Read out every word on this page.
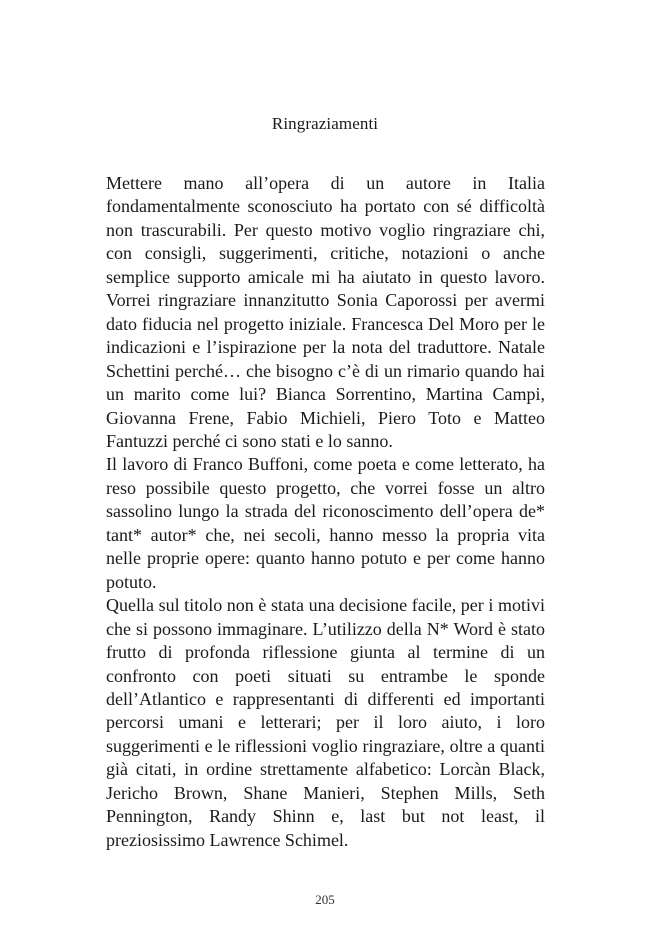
Ringraziamenti

Mettere mano all’opera di un autore in Italia fondamentalmente sconosciuto ha portato con sé difficoltà non trascurabili. Per questo motivo voglio ringraziare chi, con consigli, suggerimenti, critiche, notazioni o anche semplice supporto amicale mi ha aiutato in questo lavoro. Vorrei ringraziare innanzitutto Sonia Caporossi per avermi dato fiducia nel progetto iniziale. Francesca Del Moro per le indicazioni e l’ispirazione per la nota del traduttore. Natale Schettini perché… che bisogno c’è di un rimario quando hai un marito come lui? Bianca Sorrentino, Martina Campi, Giovanna Frene, Fabio Michieli, Piero Toto e Matteo Fantuzzi perché ci sono stati e lo sanno.

Il lavoro di Franco Buffoni, come poeta e come letterato, ha reso possibile questo progetto, che vorrei fosse un altro sassolino lungo la strada del riconoscimento dell’opera de* tant* autor* che, nei secoli, hanno messo la propria vita nelle proprie opere: quanto hanno potuto e per come hanno potuto.

Quella sul titolo non è stata una decisione facile, per i motivi che si possono immaginare. L’utilizzo della N* Word è stato frutto di profonda riflessione giunta al termine di un confronto con poeti situati su entrambe le sponde dell’Atlantico e rappresentanti di differenti ed importanti percorsi umani e letterari; per il loro aiuto, i loro suggerimenti e le riflessioni voglio ringraziare, oltre a quanti già citati, in ordine strettamente alfabetico: Lorcàn Black, Jericho Brown, Shane Manieri, Stephen Mills, Seth Pennington, Randy Shinn e, last but not least, il preziosissimo Lawrence Schimel.

205
